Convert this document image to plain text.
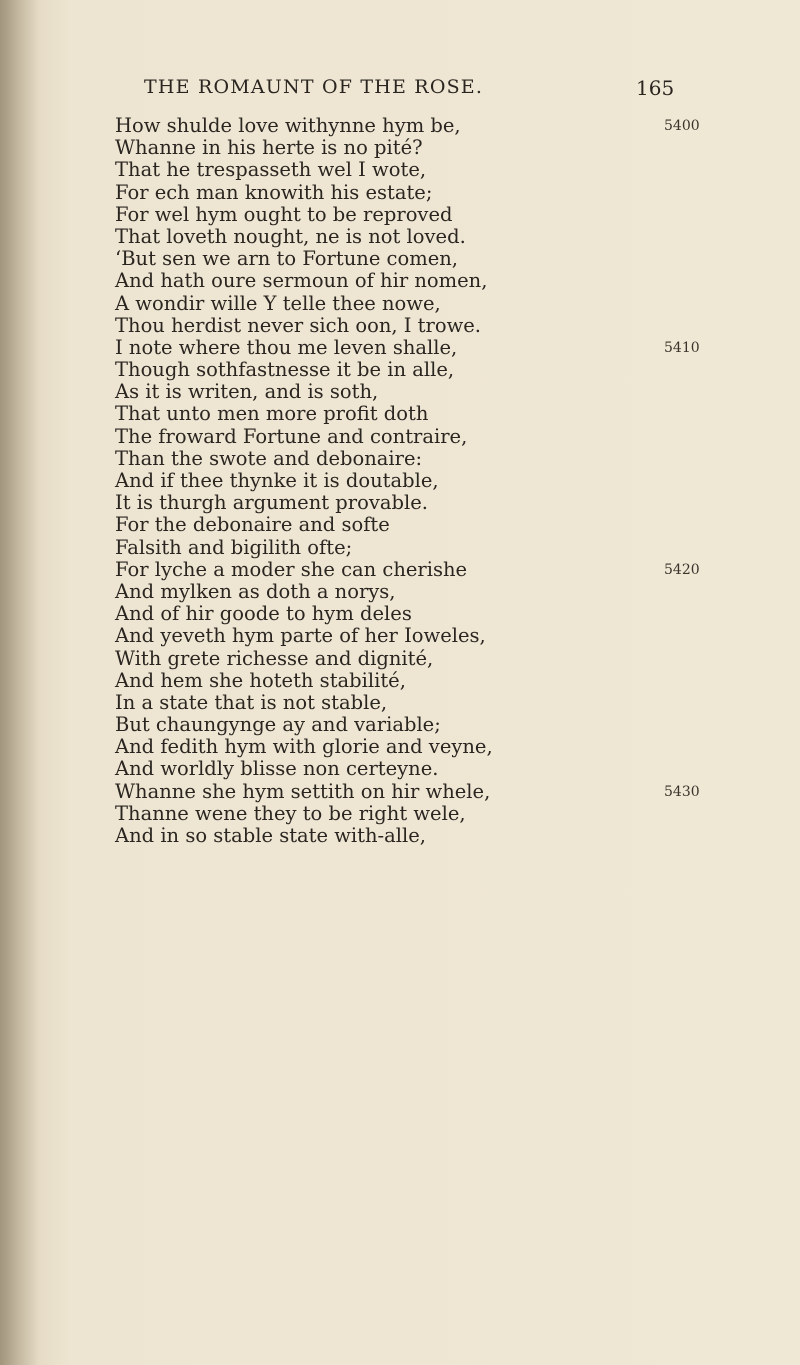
THE ROMAUNT OF THE ROSE.	165
How shulde love withynne hym be,	5400
Whanne in his herte is no pité?
That he trespasseth wel I wote,
For ech man knowith his estate;
For wel hym ought to be reproved
That loveth nought, ne is not loved.
‘But sen we arn to Fortune comen,
And hath oure sermoun of hir nomen,
A wondir wille Y telle thee nowe,
Thou herdist never sich oon, I trowe.
I note where thou me leven shalle,	5410
Though sothfastnesse it be in alle,
As it is writen, and is soth,
That unto men more profit doth
The froward Fortune and contraire,
Than the swote and debonaire:
And if thee thynke it is doutable,
It is thurgh argument provable.
For the debonaire and softe
Falsith and bigilith ofte;
For lyche a moder she can cherishe	5420
And mylken as doth a norys,
And of hir goode to hym deles
And yeveth hym parte of her Ioweles,
With grete richesse and dignité,
And hem she hoteth stabilité,
In a state that is not stable,
But chaungynge ay and variable;
And fedith hym with glorie and veyne,
And worldly blisse non certeyne.
Whanne she hym settith on hir whele,	5430
Thanne wene they to be right wele,
And in so stable state with-alle,
